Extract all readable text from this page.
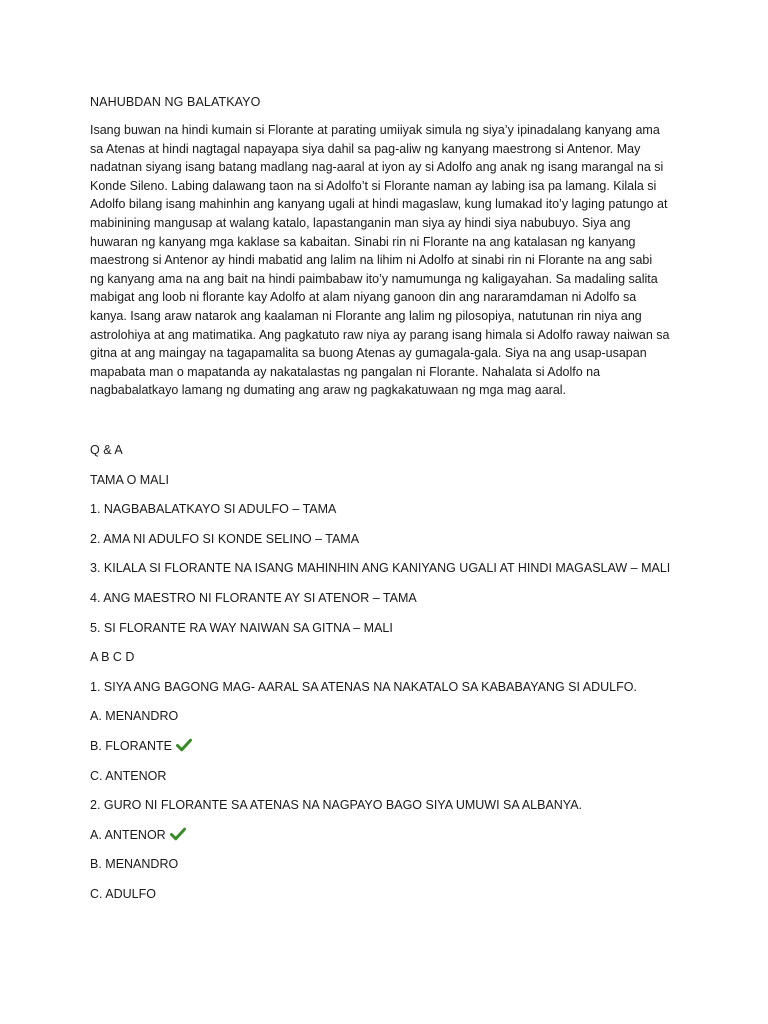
NAHUBDAN NG BALATKAYO

Isang buwan na hindi kumain si Florante at parating umiiyak simula ng siya’y ipinadalang kanyang ama
sa Atenas at hindi nagtagal napayapa siya dahil sa pag-aliw ng kanyang maestrong si Antenor. May
nadatnan siyang isang batang madlang nag-aaral at iyon ay si Adolfo ang anak ng isang marangal na si
Konde Sileno. Labing dalawang taon na si Adolfo’t si Florante naman ay labing isa pa lamang. Kilala si
Adolfo bilang isang mahinhin ang kanyang ugali at hindi magaslaw, kung lumakad ito’y laging patungo at
mabinining mangusap at walang katalo, lapastanganin man siya ay hindi siya nabubuyo. Siya ang
huwaran ng kanyang mga kaklase sa kabaitan. Sinabi rin ni Florante na ang katalasan ng kanyang
maestrong si Antenor ay hindi mabatid ang lalim na lihim ni Adolfo at sinabi rin ni Florante na ang sabi
ng kanyang ama na ang bait na hindi paimbabaw ito’y namumunga ng kaligayahan. Sa madaling salita
mabigat ang loob ni florante kay Adolfo at alam niyang ganoon din ang nararamdaman ni Adolfo sa
kanya. Isang araw natarok ang kaalaman ni Florante ang lalim ng pilosopiya, natutunan rin niya ang
astrolohiya at ang matimatika. Ang pagkatuto raw niya ay parang isang himala si Adolfo raway naiwan sa
gitna at ang maingay na tagapamalita sa buong Atenas ay gumagala-gala. Siya na ang usap-usapan
mapabata man o mapatanda ay nakatalastas ng pangalan ni Florante. Nahalata si Adolfo na
nagbabalatkayo lamang ng dumating ang araw ng pagkakatuwaan ng mga mag aaral.

Q & A
TAMA O MALI
1. NAGBABALATKAYO SI ADULFO – TAMA
2. AMA NI ADULFO SI KONDE SELINO – TAMA
3. KILALA SI FLORANTE NA ISANG MAHINHIN ANG KANIYANG UGALI AT HINDI MAGASLAW – MALI
4. ANG MAESTRO NI FLORANTE AY SI ATENOR – TAMA
5. SI FLORANTE RA WAY NAIWAN SA GITNA – MALI
A B C D
1. SIYA ANG BAGONG MAG- AARAL SA ATENAS NA NAKATALO SA KABABAYANG SI ADULFO.
A. MENANDRO
B. FLORANTE
C. ANTENOR
2. GURO NI FLORANTE SA ATENAS NA NAGPAYO BAGO SIYA UMUWI SA ALBANYA.
A. ANTENOR
B. MENANDRO
C. ADULFO
